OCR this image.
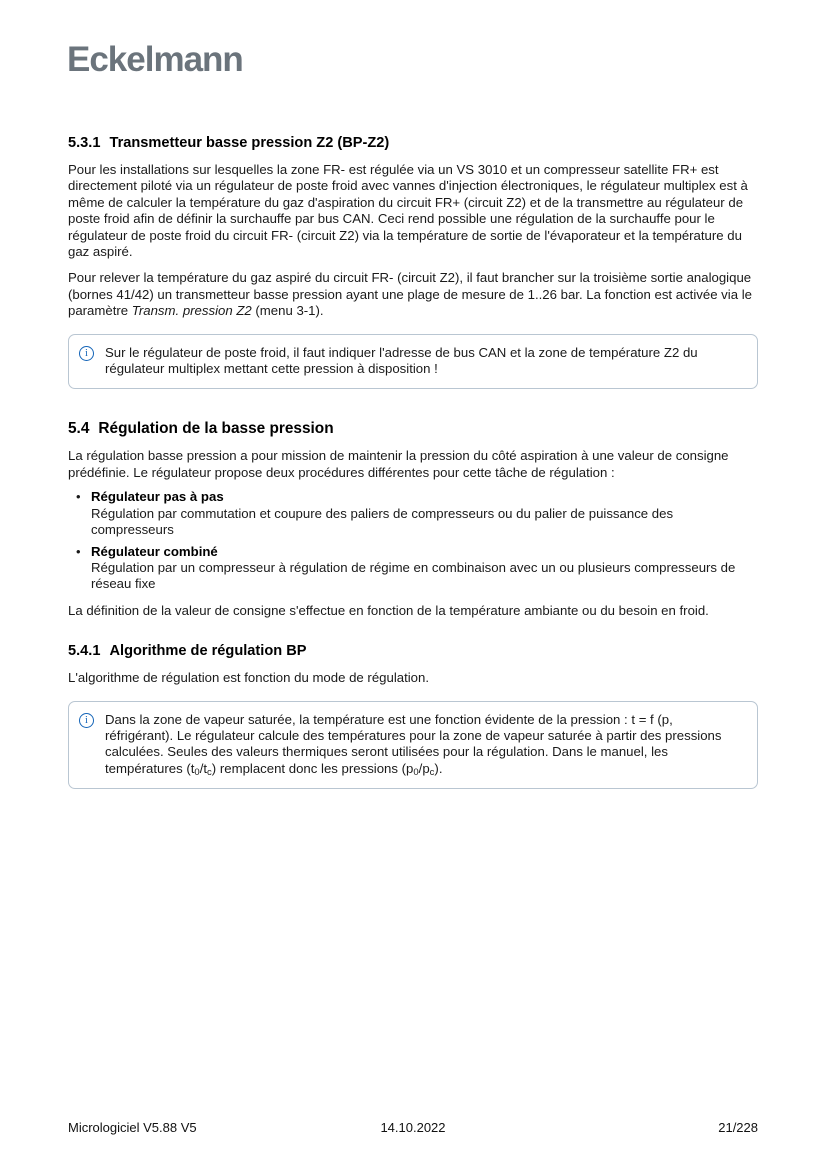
Eckelmann
5.3.1 Transmetteur basse pression Z2 (BP-Z2)

Pour les installations sur lesquelles la zone FR- est régulée via un VS 3010 et un compresseur satellite FR+ est directement piloté via un régulateur de poste froid avec vannes d'injection électroniques, le régulateur multiplex est à même de calculer la température du gaz d'aspiration du circuit FR+ (circuit Z2) et de la transmettre au régulateur de poste froid afin de définir la surchauffe par bus CAN. Ceci rend possible une régulation de la surchauffe pour le régulateur de poste froid du circuit FR- (circuit Z2) via la température de sortie de l'évaporateur et la température du gaz aspiré.

Pour relever la température du gaz aspiré du circuit FR- (circuit Z2), il faut brancher sur la troisième sortie analogique (bornes 41/42) un transmetteur basse pression ayant une plage de mesure de 1..26 bar. La fonction est activée via le paramètre Transm. pression Z2 (menu 3-1).

i	Sur le régulateur de poste froid, il faut indiquer l'adresse de bus CAN et la zone de température Z2 du régulateur multiplex mettant cette pression à disposition !
5.4 Régulation de la basse pression

La régulation basse pression a pour mission de maintenir la pression du côté aspiration à une valeur de consigne prédéfinie. Le régulateur propose deux procédures différentes pour cette tâche de régulation :

• Régulateur pas à pas
Régulation par commutation et coupure des paliers de compresseurs ou du palier de puissance des compresseurs
• Régulateur combiné
Régulation par un compresseur à régulation de régime en combinaison avec un ou plusieurs compresseurs de réseau fixe

La définition de la valeur de consigne s'effectue en fonction de la température ambiante ou du besoin en froid.

5.4.1 Algorithme de régulation BP

L'algorithme de régulation est fonction du mode de régulation.

i	Dans la zone de vapeur saturée, la température est une fonction évidente de la pression : t = f (p, réfrigérant). Le régulateur calcule des températures pour la zone de vapeur saturée à partir des pressions calculées. Seules des valeurs thermiques seront utilisées pour la régulation. Dans le manuel, les températures $(t_0/t_c)$ remplacent donc les pressions $(p_0/p_c)$.
Micrologiciel V5.88 V5	14.10.2022	21/228
